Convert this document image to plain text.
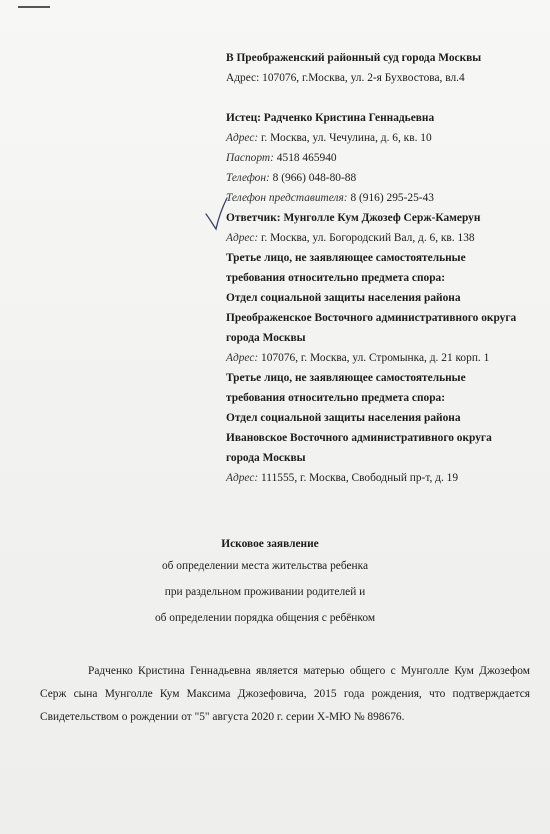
В Преображенский районный суд города Москвы
Адрес: 107076, г.Москва, ул. 2-я Бухвостова, вл.4
Истец: Радченко Кристина Геннадьевна
Адрес: г. Москва, ул. Чечулина, д. 6, кв. 10
Паспорт: 4518 465940
Телефон: 8 (966) 048-80-88
Телефон представителя: 8 (916) 295-25-43
Ответчик: Мунголле Кум Джозеф Серж-Камерун
Адрес: г. Москва, ул. Богородский Вал, д. 6, кв. 138
Третье лицо, не заявляющее самостоятельные
требования относительно предмета спора:
Отдел социальной защиты населения района
Преображенское Восточного административного округа
города Москвы
Адрес: 107076, г. Москва, ул. Стромынка, д. 21 корп. 1
Третье лицо, не заявляющее самостоятельные
требования относительно предмета спора:
Отдел социальной защиты населения района
Ивановское Восточного административного округа
города Москвы
Адрес: 111555, г. Москва, Свободный пр-т, д. 19
Исковое заявление
об определении места жительства ребенка
при раздельном проживании родителей и
об определении порядка общения с ребёнком

Радченко Кристина Геннадьевна является матерью общего с Мунголле Кум Джозефом Серж сына Мунголле Кум Максима Джозефовича, 2015 года рождения, что подтверждается Свидетельством о рождении от "5" августа 2020 г. серии X-МЮ № 898676.
